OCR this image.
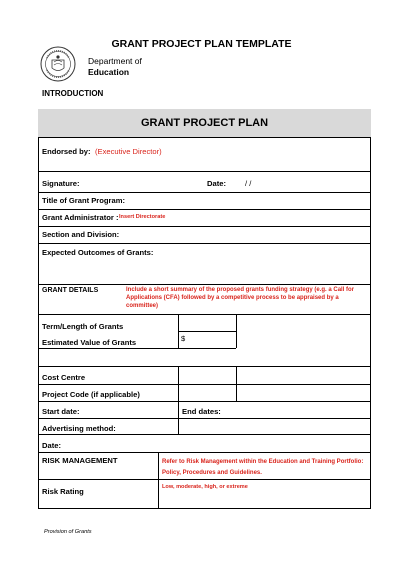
GRANT PROJECT PLAN TEMPLATE
Department of
Education
INTRODUCTION
GRANT PROJECT PLAN
Endorsed by: (Executive Director)
Signature:	Date:	/ /
Title of Grant Program:
Grant Administrator : Insert Directorate
Section and Division:
Expected Outcomes of Grants:
GRANT DETAILS	Include a short summary of the proposed grants funding strategy (e.g. a Call for Applications (CFA) followed by a competitive process to be appraised by a committee)
Term/Length of Grants
Estimated Value of Grants	$
Cost Centre
Project Code (if applicable)
Start date:	End dates:
Advertising method:
Date:
RISK MANAGEMENT	Refer to Risk Management within the Education and Training Portfolio: Policy, Procedures and Guidelines.
Risk Rating	Low, moderate, high, or extreme
Provision of Grants
